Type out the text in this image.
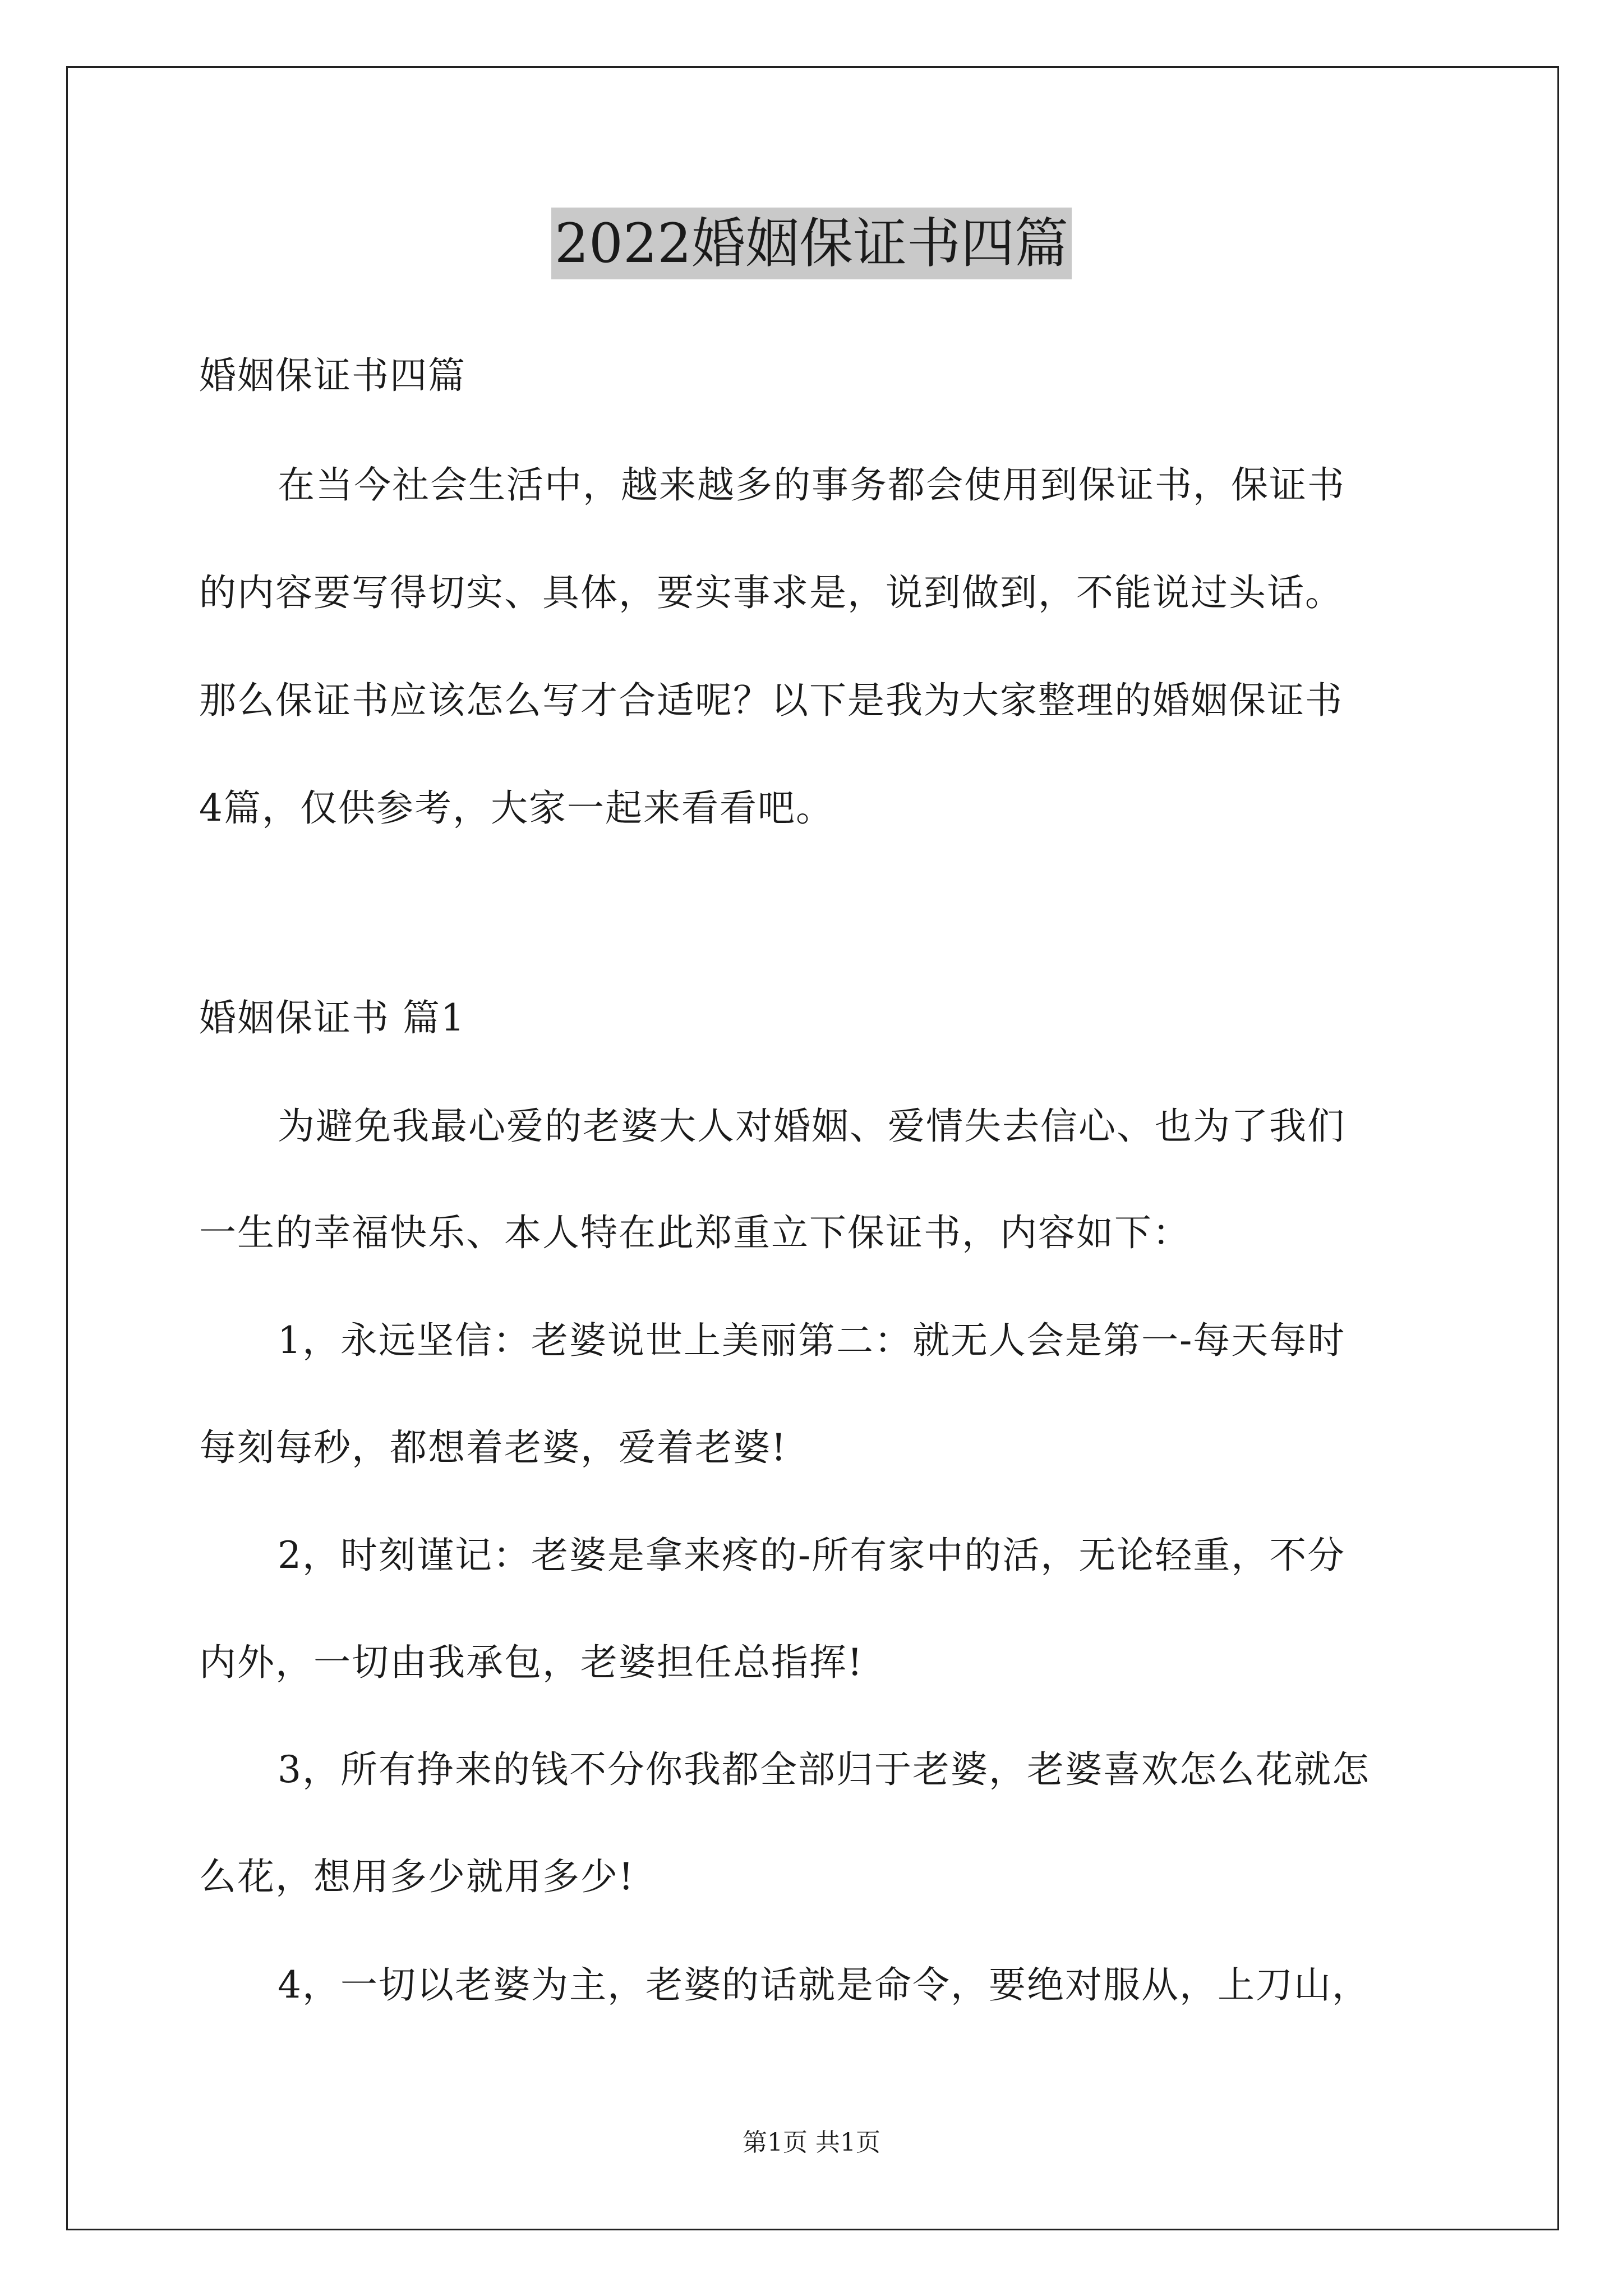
2022婚姻保证书四篇
婚姻保证书四篇
在当今社会生活中，越来越多的事务都会使用到保证书，保证书
的内容要写得切实、具体，要实事求是，说到做到，不能说过头话。
那么保证书应该怎么写才合适呢？以下是我为大家整理的婚姻保证书
4篇，仅供参考，大家一起来看看吧。
婚姻保证书 篇1
为避免我最心爱的老婆大人对婚姻、爱情失去信心、也为了我们
一生的幸福快乐、本人特在此郑重立下保证书，内容如下：
1，永远坚信：老婆说世上美丽第二：就无人会是第一-每天每时
每刻每秒，都想着老婆，爱着老婆!
2，时刻谨记：老婆是拿来疼的-所有家中的活，无论轻重，不分
内外，一切由我承包，老婆担任总指挥!
3，所有挣来的钱不分你我都全部归于老婆，老婆喜欢怎么花就怎
么花，想用多少就用多少!
4，一切以老婆为主，老婆的话就是命令，要绝对服从，上刀山，
第1页 共1页
